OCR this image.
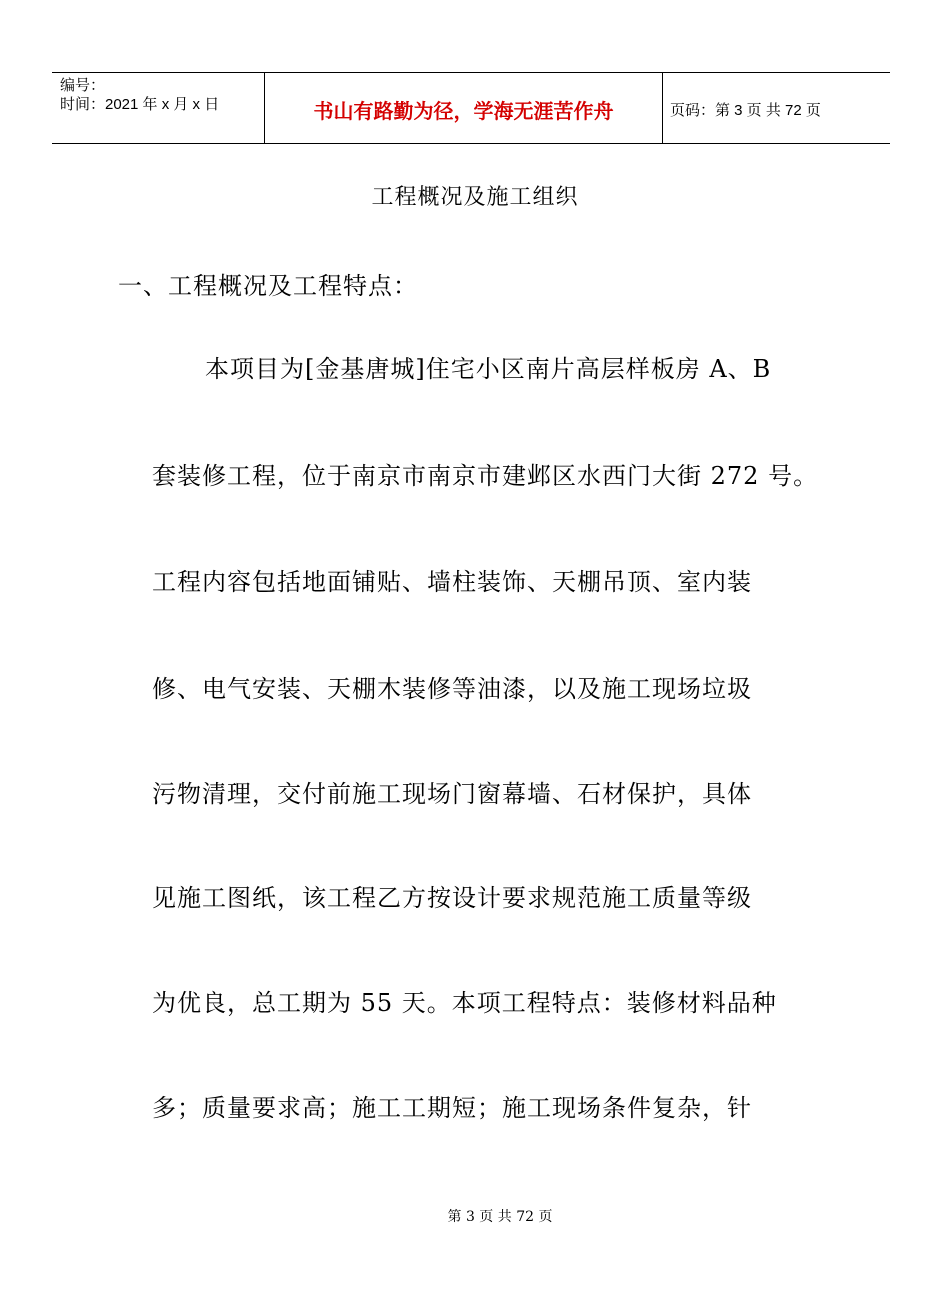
编号：
时间：2021 年 x 月 x 日	书山有路勤为径，学海无涯苦作舟	页码：第 3 页 共 72 页
工程概况及施工组织
一、工程概况及工程特点：
本项目为[金基唐城]住宅小区南片高层样板房 A、B
套装修工程，位于南京市南京市建邺区水西门大街 272 号。
工程内容包括地面铺贴、墙柱装饰、天棚吊顶、室内装
修、电气安装、天棚木装修等油漆，以及施工现场垃圾
污物清理，交付前施工现场门窗幕墙、石材保护，具体
见施工图纸，该工程乙方按设计要求规范施工质量等级
为优良，总工期为 55 天。本项工程特点：装修材料品种
多；质量要求高；施工工期短；施工现场条件复杂，针
第 3 页 共 72 页
